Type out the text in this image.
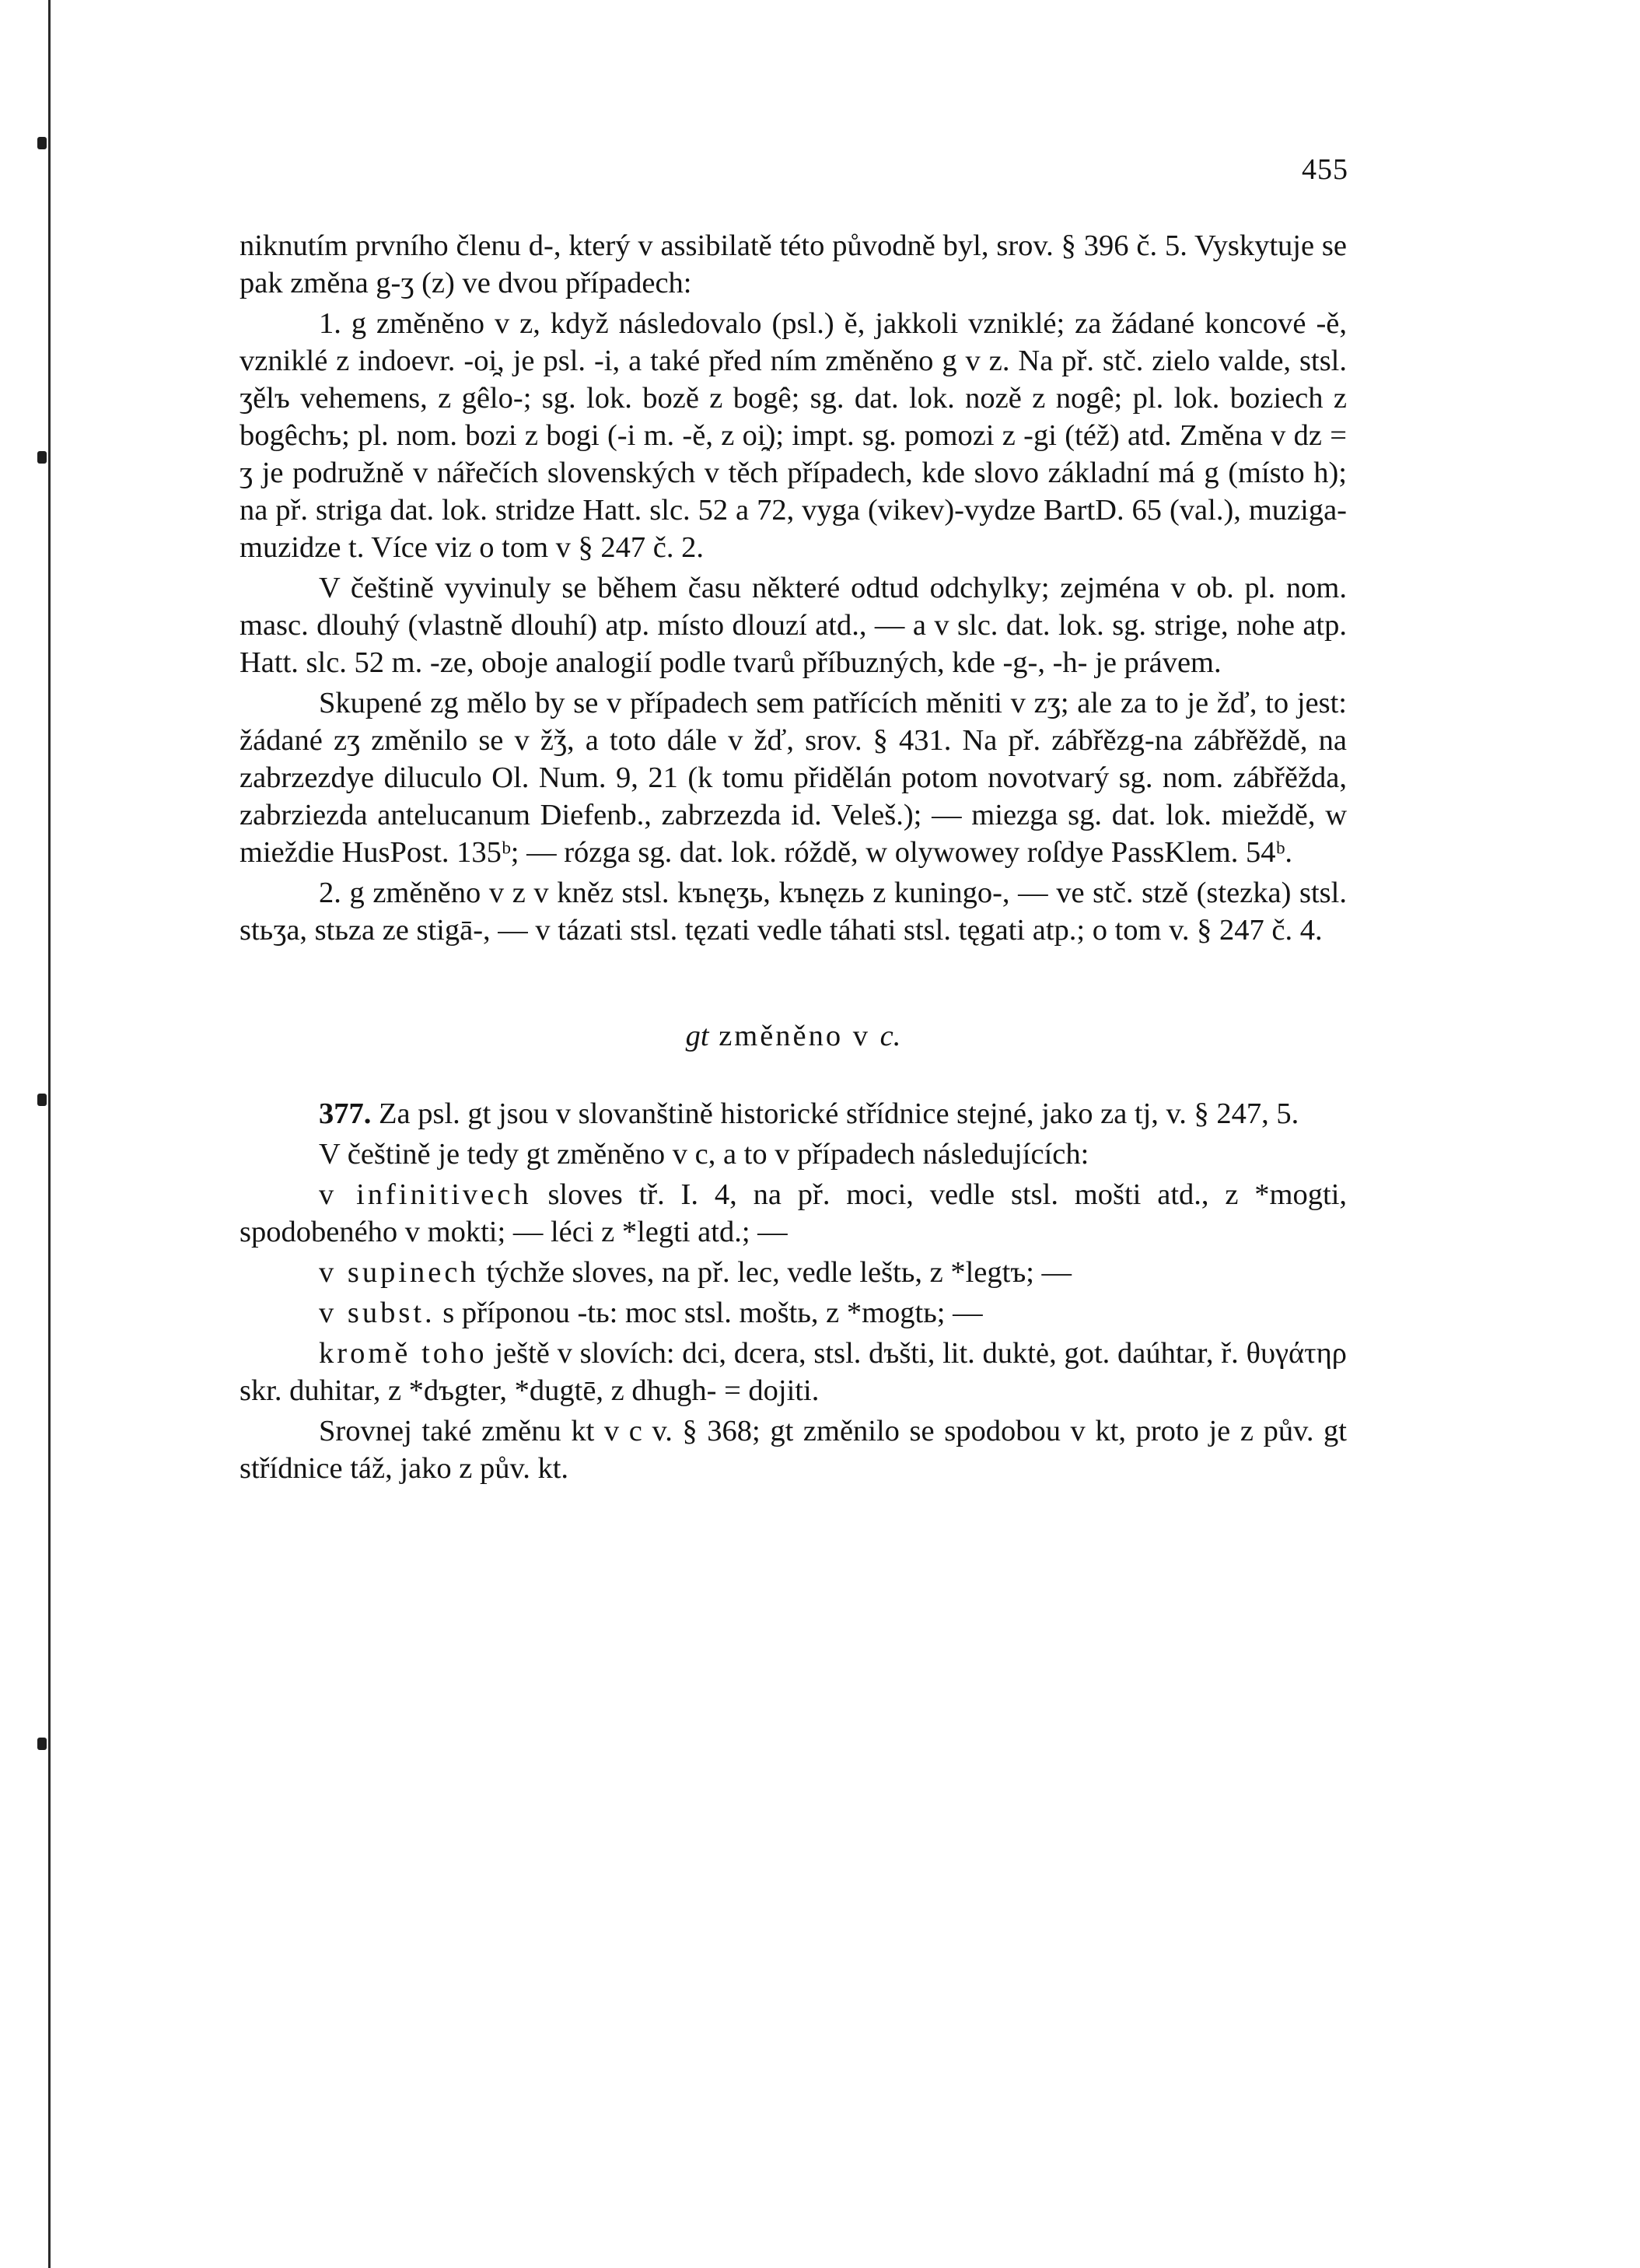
455

niknutím prvního členu d-, který v assibilatě této původně byl, srov. § 396 č. 5. Vyskytuje se pak změna g-ʒ (z) ve dvou případech:

1. g změněno v z, když následovalo (psl.) ě, jakkoli vzniklé; za žádané koncové -ě, vzniklé z indoevr. -oi̯, je psl. -i, a také před ním změněno g v z. Na př. stč. zielo valde, stsl. ʒělъ vehemens, z gêlo-; sg. lok. bozě z bogê; sg. dat. lok. nozě z nogê; pl. lok. boziech z bogêchъ; pl. nom. bozi z bogi (-i m. -ě, z oi̯); impt. sg. pomozi z -gi (též) atd. Změna v dz = ʒ je podružně v nářečích slovenských v těch případech, kde slovo základní má g (místo h); na př. striga dat. lok. stridze Hatt. slc. 52 a 72, vyga (vikev)-vydze BartD. 65 (val.), muziga-muzidze t. Více viz o tom v § 247 č. 2.

V češtině vyvinuly se během času některé odtud odchylky; zejména v ob. pl. nom. masc. dlouhý (vlastně dlouhí) atp. místo dlouzí atd., — a v slc. dat. lok. sg. strige, nohe atp. Hatt. slc. 52 m. -ze, oboje analogií podle tvarů příbuzných, kde -g-, -h- je právem.

Skupené zg mělo by se v případech sem patřících měniti v zʒ; ale za to je žď, to jest: žádané zʒ změnilo se v žǯ, a toto dále v žď, srov. § 431. Na př. zábřězg-na zábřěždě, na zabrzezdye diluculo Ol. Num. 9, 21 (k tomu přidělán potom novotvarý sg. nom. zábřěžda, zabrziezda antelucanum Diefenb., zabrzezda id. Veleš.); — miezga sg. dat. lok. mieždě, w mieždie HusPost. 135ᵇ; — rózga sg. dat. lok. róždě, w olywowey roſdye PassKlem. 54ᵇ.

2. g změněno v z v kněz stsl. kъnęʒь, kъnęzь z kuningo-, — ve stč. stzě (stezka) stsl. stьʒa, stьza ze stigā-, — v tázati stsl. tęzati vedle táhati stsl. tęgati atp.; o tom v. § 247 č. 4.

gt změněno v c.

377. Za psl. gt jsou v slovanštině historické střídnice stejné, jako za tj, v. § 247, 5.

V češtině je tedy gt změněno v c, a to v případech následujících:

v infinitivech sloves tř. I. 4, na př. moci, vedle stsl. mošti atd., z *mogti, spodobeného v mokti; — léci z *legti atd.; —

v supinech týchže sloves, na př. lec, vedle leštь, z *legtъ; —

v subst. s příponou -tь: moc stsl. moštь, z *mogtь; —

kromě toho ještě v slovích: dci, dcera, stsl. dъšti, lit. duktė, got. daúhtar, ř. θυγάτηρ skr. duhitar, z *dъgter, *dugtē, z dhugh- = dojiti.

Srovnej také změnu kt v c v. § 368; gt změnilo se spodobou v kt, proto je z pův. gt střídnice táž, jako z pův. kt.
